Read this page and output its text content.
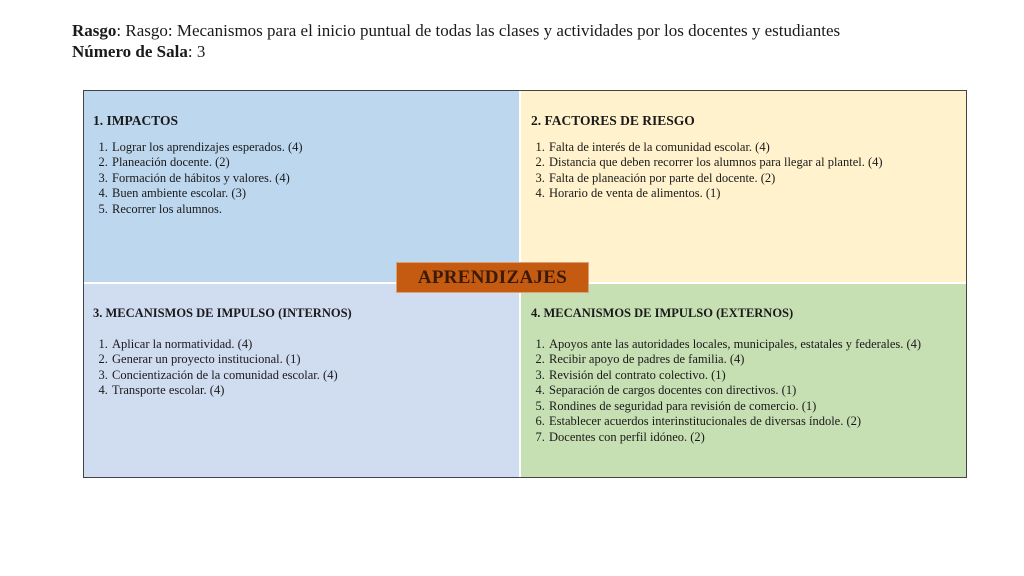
Rasgo: Rasgo: Mecanismos para el inicio puntual de todas las clases y actividades por los docentes y estudiantes
Número de Sala: 3
1. IMPACTOS
1. Lograr los aprendizajes esperados. (4)
2. Planeación docente. (2)
3. Formación de hábitos y valores. (4)
4. Buen ambiente escolar. (3)
5. Recorrer los alumnos.
2. FACTORES DE RIESGO
1. Falta de interés de la comunidad escolar. (4)
2. Distancia que deben recorrer los alumnos para llegar al plantel. (4)
3. Falta de planeación por parte del docente. (2)
4. Horario de venta de alimentos. (1)
3. MECANISMOS DE IMPULSO (INTERNOS)
1. Aplicar la normatividad. (4)
2. Generar un proyecto institucional. (1)
3. Concientización de la comunidad escolar. (4)
4. Transporte escolar. (4)
4. MECANISMOS DE IMPULSO (EXTERNOS)
1. Apoyos ante las autoridades locales, municipales, estatales y federales. (4)
2. Recibir apoyo de padres de familia. (4)
3. Revisión del contrato colectivo. (1)
4. Separación de cargos docentes con directivos. (1)
5. Rondines de seguridad para revisión de comercio. (1)
6. Establecer acuerdos interinstitucionales de diversas índole. (2)
7. Docentes con perfil idóneo. (2)
APRENDIZAJES
